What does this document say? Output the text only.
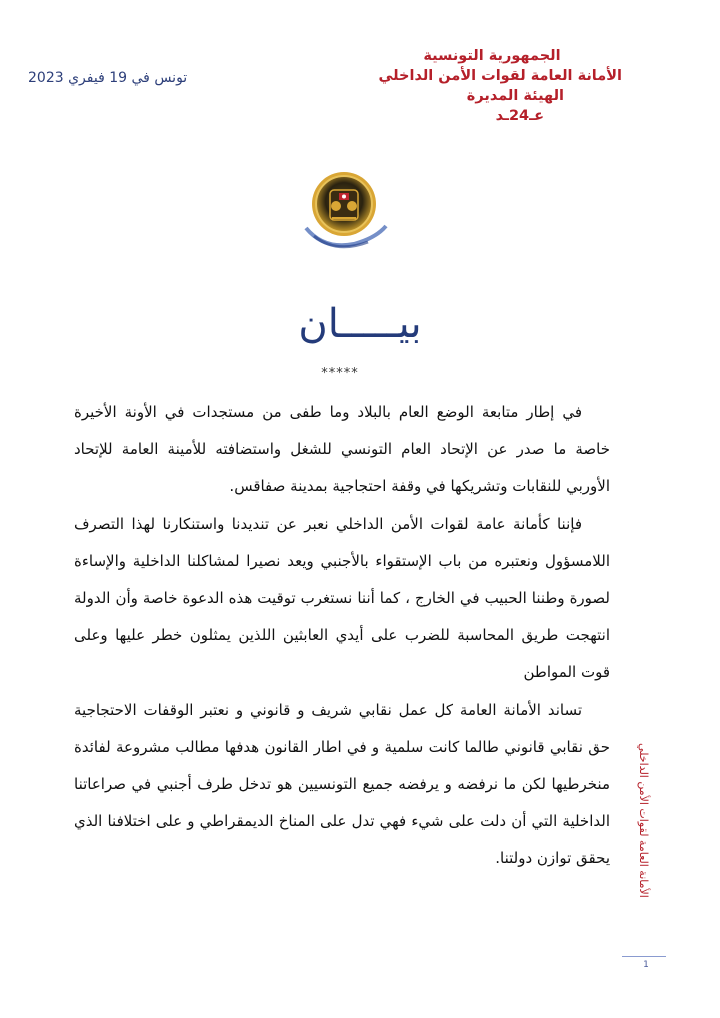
الجمهورية التونسية
الأمانة العامة لقوات الأمن الداخلي
الهيئة المديرة
عـ24ـد
تونس في 19 فيفري 2023
بيـــــان
*****

في إطار متابعة الوضع العام بالبلاد وما طفى من مستجدات في الأونة الأخيرة خاصة ما صدر عن الإتحاد العام التونسي للشغل واستضافته للأمينة العامة للإتحاد الأوربي للنقابات وتشريكها في وقفة احتجاجية بمدينة صفاقس.

فإننا كأمانة عامة لقوات الأمن الداخلي نعبر عن تنديدنا واستنكارنا لهذا التصرف اللامسؤول ونعتبره من باب الإستقواء بالأجنبي ويعد نصيرا لمشاكلنا الداخلية والإساءة لصورة وطننا الحبيب في الخارج ، كما أننا نستغرب توقيت هذه الدعوة خاصة وأن الدولة انتهجت طريق المحاسبة للضرب على أيدي العابثين اللذين يمثلون خطر عليها وعلى قوت المواطن

تساند الأمانة العامة كل عمل نقابي شريف و قانوني و نعتبر الوقفات الاحتجاجية حق نقابي قانوني طالما كانت سلمية و في اطار القانون هدفها مطالب مشروعة لفائدة منخرطيها لكن ما نرفضه و يرفضه جميع التونسيين هو تدخل طرف أجنبي في صراعاتنا الداخلية التي أن دلت على شيء فهي تدل على المناخ الديمقراطي و على اختلافنا الذي يحقق توازن دولتنا.	الأمانة العامة لقوات الأمن الداخلي
1
